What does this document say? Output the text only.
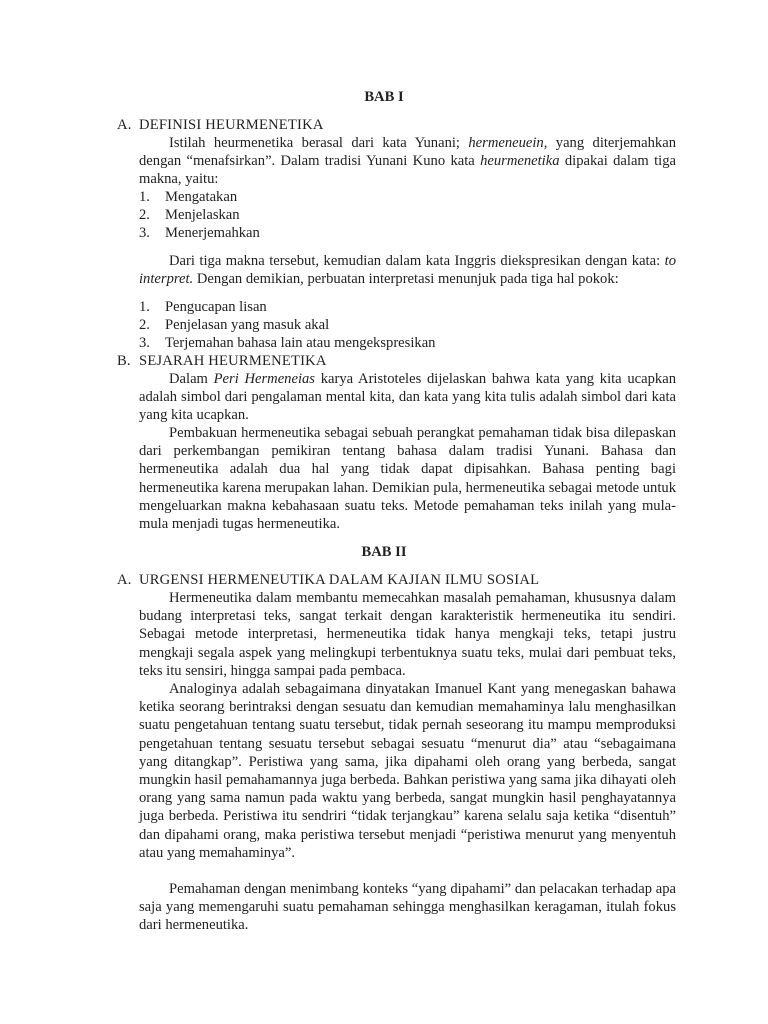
BAB I
A. DEFINISI HEURMENETIKA

Istilah heurmenetika berasal dari kata Yunani; hermeneuein, yang diterjemahkan dengan “menafsirkan”. Dalam tradisi Yunani Kuno kata heurmenetika dipakai dalam tiga makna, yaitu:

1. Mengatakan
2. Menjelaskan
3. Menerjemahkan

Dari tiga makna tersebut, kemudian dalam kata Inggris diekspresikan dengan kata: to interpret. Dengan demikian, perbuatan interpretasi menunjuk pada tiga hal pokok:

1. Pengucapan lisan
2. Penjelasan yang masuk akal
3. Terjemahan bahasa lain atau mengekspresikan
B. SEJARAH HEURMENETIKA

Dalam Peri Hermeneias karya Aristoteles dijelaskan bahwa kata yang kita ucapkan adalah simbol dari pengalaman mental kita, dan kata yang kita tulis adalah simbol dari kata yang kita ucapkan.

Pembakuan hermeneutika sebagai sebuah perangkat pemahaman tidak bisa dilepaskan dari perkembangan pemikiran tentang bahasa dalam tradisi Yunani. Bahasa dan hermeneutika adalah dua hal yang tidak dapat dipisahkan. Bahasa penting bagi hermeneutika karena merupakan lahan. Demikian pula, hermeneutika sebagai metode untuk mengeluarkan makna kebahasaan suatu teks. Metode pemahaman teks inilah yang mula-mula menjadi tugas hermeneutika.

BAB II
A. URGENSI HERMENEUTIKA DALAM KAJIAN ILMU SOSIAL

Hermeneutika dalam membantu memecahkan masalah pemahaman, khususnya dalam budang interpretasi teks, sangat terkait dengan karakteristik hermeneutika itu sendiri. Sebagai metode interpretasi, hermeneutika tidak hanya mengkaji teks, tetapi justru mengkaji segala aspek yang melingkupi terbentuknya suatu teks, mulai dari pembuat teks, teks itu sensiri, hingga sampai pada pembaca.

Analoginya adalah sebagaimana dinyatakan Imanuel Kant yang menegaskan bahawa ketika seorang berintraksi dengan sesuatu dan kemudian memahaminya lalu menghasilkan suatu pengetahuan tentang suatu tersebut, tidak pernah seseorang itu mampu memproduksi pengetahuan tentang sesuatu tersebut sebagai sesuatu “menurut dia” atau “sebagaimana yang ditangkap”. Peristiwa yang sama, jika dipahami oleh orang yang berbeda, sangat mungkin hasil pemahamannya juga berbeda. Bahkan peristiwa yang sama jika dihayati oleh orang yang sama namun pada waktu yang berbeda, sangat mungkin hasil penghayatannya juga berbeda. Peristiwa itu sendriri “tidak terjangkau” karena selalu saja ketika “disentuh” dan dipahami orang, maka peristiwa tersebut menjadi “peristiwa menurut yang menyentuh atau yang memahaminya”.

Pemahaman dengan menimbang konteks “yang dipahami” dan pelacakan terhadap apa saja yang memengaruhi suatu pemahaman sehingga menghasilkan keragaman, itulah fokus dari hermeneutika.
